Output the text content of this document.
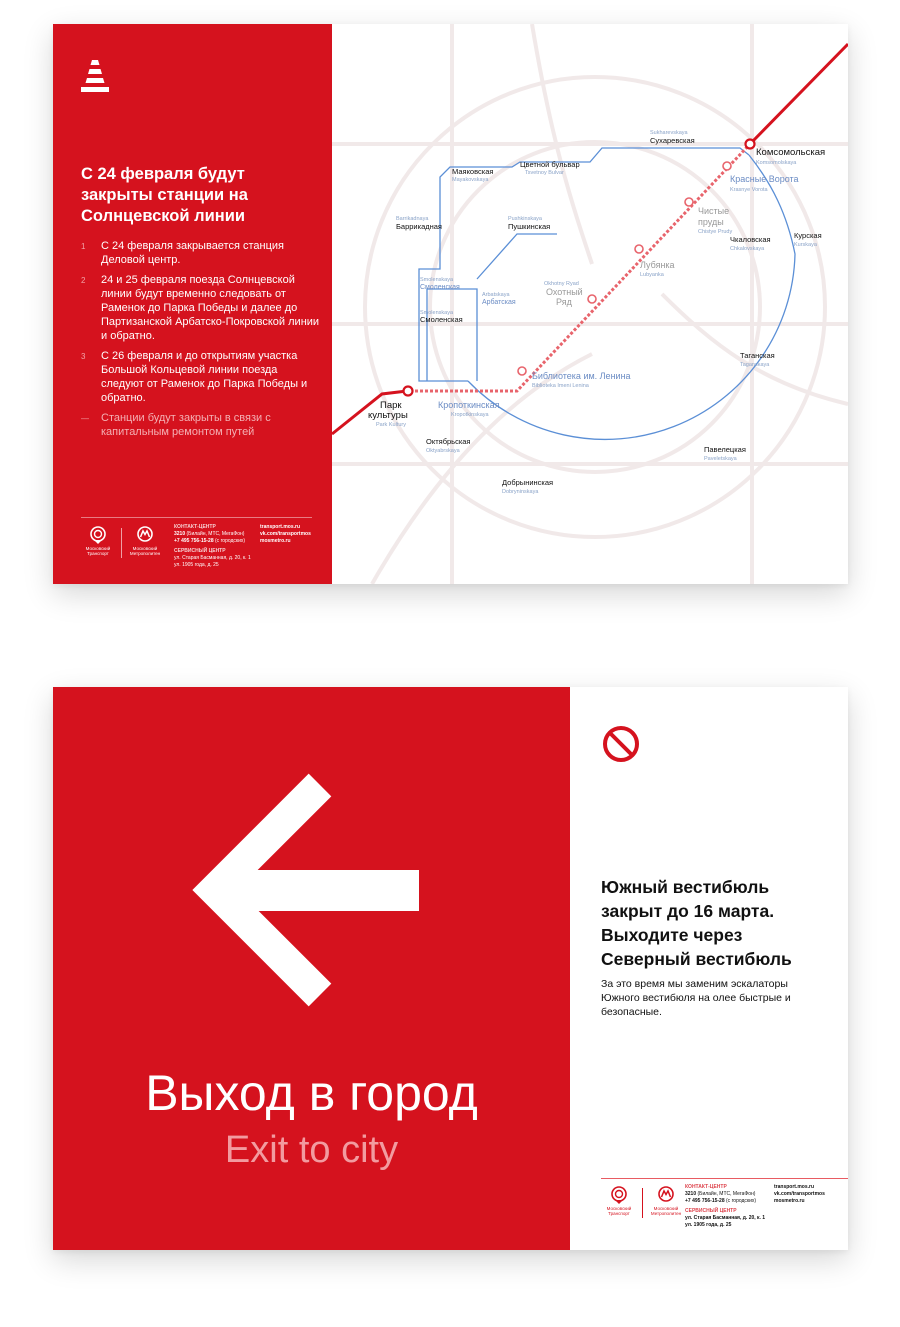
С 24 февраля будут закрыты станции на Солнцевской линии
1 С 24 февраля закрывается станция Деловой центр.
2 24 и 25 февраля поезда Солнцевской линии будут временно следовать от Раменок до Парка Победы и далее до Партизанской Арбатско-Покровской линии и обратно.
3 С 26 февраля и до открытиям участка Большой Кольцевой линии поезда следуют от Раменок до Парка Победы и обратно.
— Станции будут закрыты в связи с капитальным ремонтом путей
Московский Транспорт
Московский Метрополитен
КОНТАКТ-ЦЕНТР
3210 (Билайн, МТС, МегаФон)
+7 495 756-15-28 (с городских)
СЕРВИСНЫЙ ЦЕНТР
ул. Старая Басманная, д. 20, к. 1
ул. 1905 года, д. 25
transport.mos.ru
vk.com/transportmos
mosmetro.ru
Комсомольская
Komsomolskaya
Красные Ворота
Krasnye Vorota
Чистые
пруды
Chistye Prudy
Лубянка
Lubyanka
Okhotny Ryad
Охотный
Ряд
Библиотека им. Ленина
Biblioteka Imeni Lenina
Кропоткинская
Kropotkinskaya
Парк
культуры
Park Kultury
Sukharevskaya
Сухаревская
Цветной бульвар
Tsvetnoy Bulvar
Маяковская
Mayakovskaya
Barrikadnaya
Баррикадная
Pushkinskaya
Пушкинская
Smolenskaya
Смоленская
Arbatskaya
Арбатская
Smolenskaya
Смоленская
Чкаловская
Chkalovskaya
Курская
Kurskaya
Таганская
Taganskaya
Октябрьская
Oktyabrskaya	Павелецкая
Paveletskaya
Добрынинская
Dobryninskaya
Выход в город
Exit to city
Южный вестибюль
закрыт до 16 марта.
Выходите через
Северный вестибюль

За это время мы заменим эскалаторы Южного вестибюля на олее быстрые и безопасные.

Московский Транспорт
Московский Метрополитен
КОНТАКТ-ЦЕНТР
3210 (Билайн, МТС, МегаФон)
+7 495 756-15-28 (с городских)
СЕРВИСНЫЙ ЦЕНТР
ул. Старая Басманная, д. 20, к. 1
ул. 1905 года, д. 25
transport.mos.ru
vk.com/transportmos
mosmetro.ru
